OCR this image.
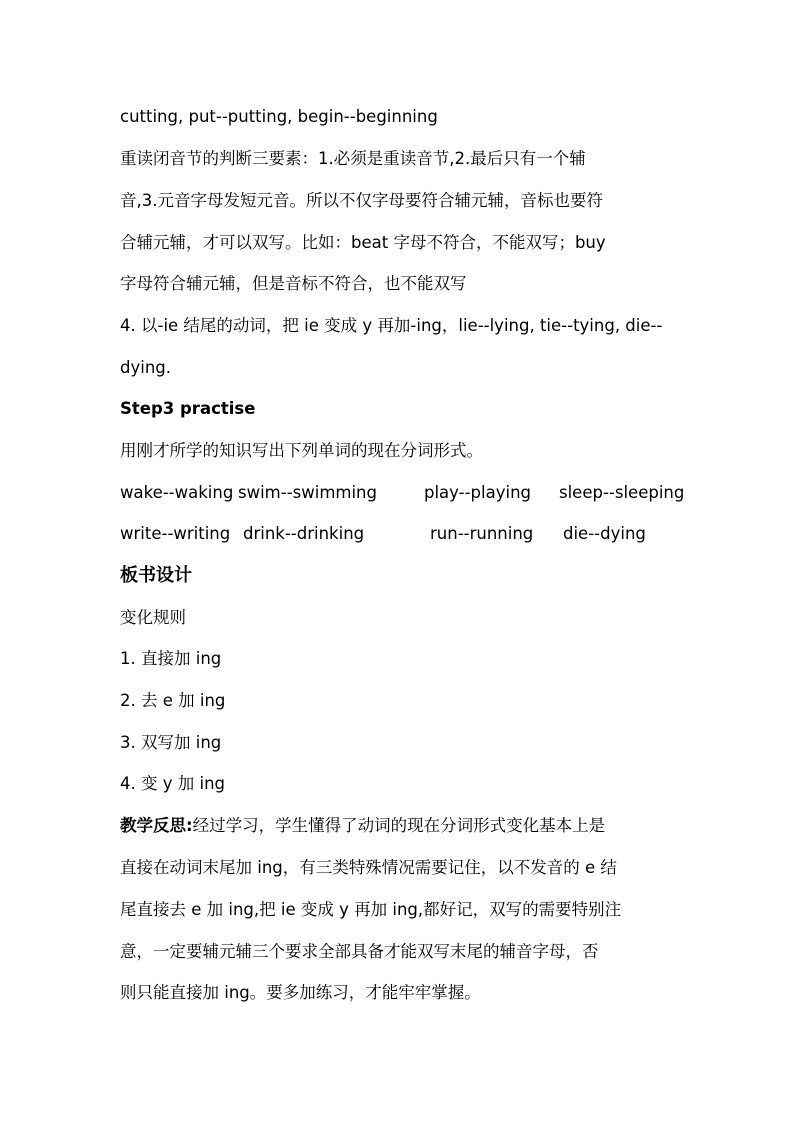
cutting, put--putting, begin--beginning

重读闭音节的判断三要素：1.必须是重读音节,2.最后只有一个辅

音,3.元音字母发短元音。所以不仅字母要符合辅元辅，音标也要符

合辅元辅，才可以双写。比如：beat 字母不符合，不能双写；buy

字母符合辅元辅，但是音标不符合，也不能双写

4. 以-ie 结尾的动词，把 ie 变成 y 再加-ing，lie--lying, tie--tying, die--

dying.

Step3 practise

用刚才所学的知识写出下列单词的现在分词形式。

wake--waking swim--swimming	play--playing sleep--sleeping
write--writing drink--drinking	run--running die--dying

板书设计

变化规则

1. 直接加 ing

2. 去 e 加 ing

3. 双写加 ing

4. 变 y 加 ing

教学反思:经过学习，学生懂得了动词的现在分词形式变化基本上是

直接在动词末尾加 ing，有三类特殊情况需要记住，以不发音的 e 结

尾直接去 e 加 ing,把 ie 变成 y 再加 ing,都好记，双写的需要特别注

意，一定要辅元辅三个要求全部具备才能双写末尾的辅音字母，否

则只能直接加 ing。要多加练习，才能牢牢掌握。
